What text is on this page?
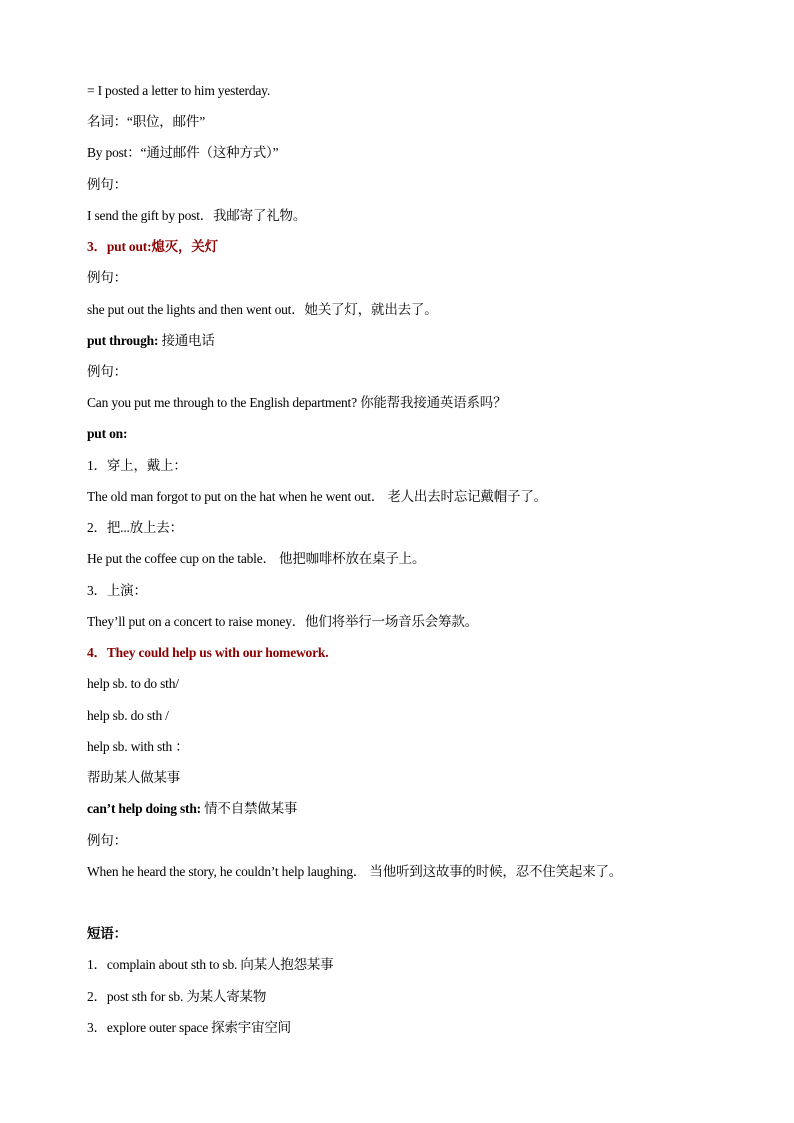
= I posted a letter to him yesterday.
名词：“职位，邮件”
By post：“通过邮件（这种方式）”
例句：
I send the gift by post．我邮寄了礼物。
3．put out:熄灭，关灯
例句：
she put out the lights and then went out．她关了灯，就出去了。
put through: 接通电话
例句：
Can you put me through to the English department? 你能帮我接通英语系吗？
put on:
1．穿上，戴上：
The old man forgot to put on the hat when he went out． 老人出去时忘记戴帽子了。
2．把...放上去：
He put the coffee cup on the table． 他把咖啡杯放在桌子上。
3．上演：
They’ll put on a concert to raise money．他们将举行一场音乐会筹款。
4．They could help us with our homework.
help sb. to do sth/
help sb. do sth /
help sb. with sth ：
帮助某人做某事
can’t help doing sth: 情不自禁做某事
例句：
When he heard the story, he couldn’t help laughing． 当他听到这故事的时候，忍不住笑起来了。
短语：
1．complain about sth to sb. 向某人抱怨某事
2．post sth for sb. 为某人寄某物
3．explore outer space 探索宇宙空间
